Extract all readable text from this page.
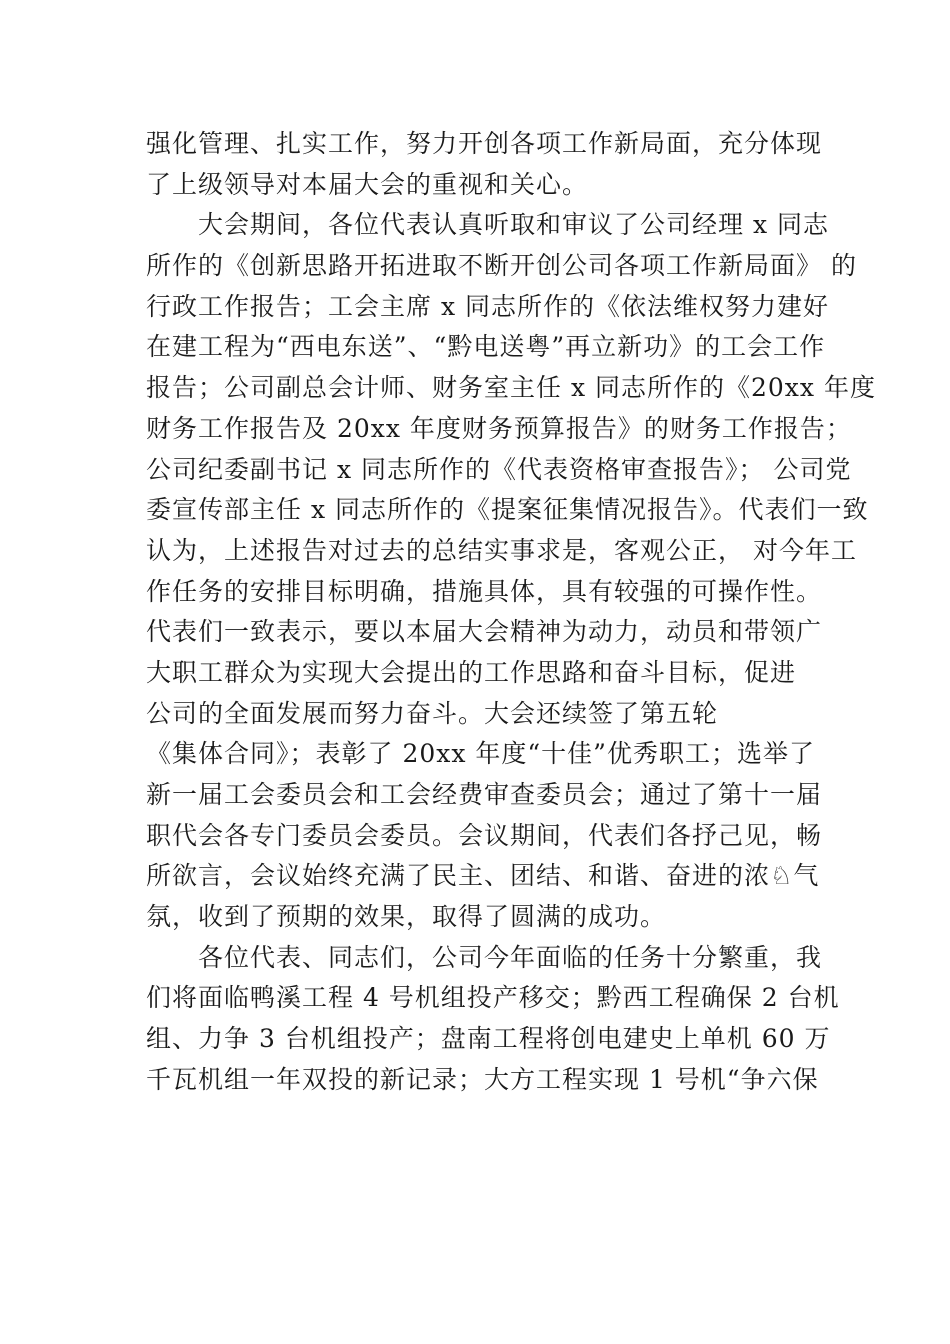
强化管理、扎实工作，努力开创各项工作新局面，充分体现
了上级领导对本届大会的重视和关心。
　　大会期间，各位代表认真听取和审议了公司经理 x 同志
所作的《创新思路开拓进取不断开创公司各项工作新局面》 的
行政工作报告；工会主席 x 同志所作的《依法维权努力建好
在建工程为“西电东送”、“黔电送粤”再立新功》的工会工作
报告；公司副总会计师、财务室主任 x 同志所作的《20xx 年度
财务工作报告及 20xx 年度财务预算报告》的财务工作报告；
公司纪委副书记 x 同志所作的《代表资格审查报告》； 公司党
委宣传部主任 x 同志所作的《提案征集情况报告》。代表们一致
认为，上述报告对过去的总结实事求是，客观公正， 对今年工
作任务的安排目标明确，措施具体，具有较强的可操作性。
代表们一致表示，要以本届大会精神为动力，动员和带领广
大职工群众为实现大会提出的工作思路和奋斗目标，促进
公司的全面发展而努力奋斗。大会还续签了第五轮
《集体合同》；表彰了 20xx 年度“十佳”优秀职工；选举了
新一届工会委员会和工会经费审查委员会；通过了第十一届
职代会各专门委员会委员。会议期间，代表们各抒己见，畅
所欲言，会议始终充满了民主、团结、和谐、奋进的浓♘气
氛，收到了预期的效果，取得了圆满的成功。
　　各位代表、同志们，公司今年面临的任务十分繁重，我
们将面临鸭溪工程 4 号机组投产移交；黔西工程确保 2 台机
组、力争 3 台机组投产；盘南工程将创电建史上单机 60 万
千瓦机组一年双投的新记录；大方工程实现 1 号机“争六保
